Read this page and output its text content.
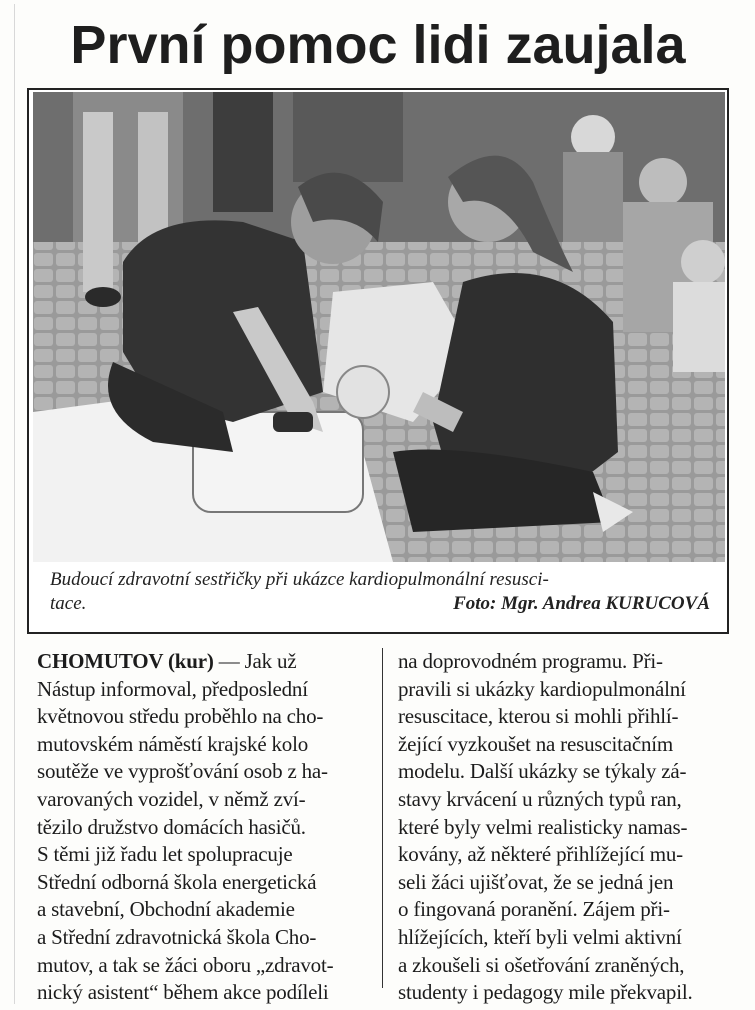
První pomoc lidi zaujala
Budoucí zdravotní sestřičky při ukázce kardiopulmonální resusci-
tace.	Foto: Mgr. Andrea KURUCOVÁ
CHOMUTOV (kur) — Jak už
Nástup informoval, předposlední
květnovou středu proběhlo na cho-
mutovském náměstí krajské kolo
soutěže ve vyprošťování osob z ha-
varovaných vozidel, v němž zví-
tězilo družstvo domácích hasičů.
S těmi již řadu let spolupracuje
Střední odborná škola energetická
a stavební, Obchodní akademie
a Střední zdravotnická škola Cho-
mutov, a tak se žáci oboru „zdravot-
nický asistent“ během akce podíleli
na doprovodném programu. Při-
pravili si ukázky kardiopulmonální
resuscitace, kterou si mohli přihlí-
žející vyzkoušet na resuscitačním
modelu. Další ukázky se týkaly zá-
stavy krvácení u různých typů ran,
které byly velmi realisticky namas-
kovány, až některé přihlížející mu-
seli žáci ujišťovat, že se jedná jen
o fingovaná poranění. Zájem při-
hlížejících, kteří byli velmi aktivní
a zkoušeli si ošetřování zraněných,
studenty i pedagogy mile překvapil.
